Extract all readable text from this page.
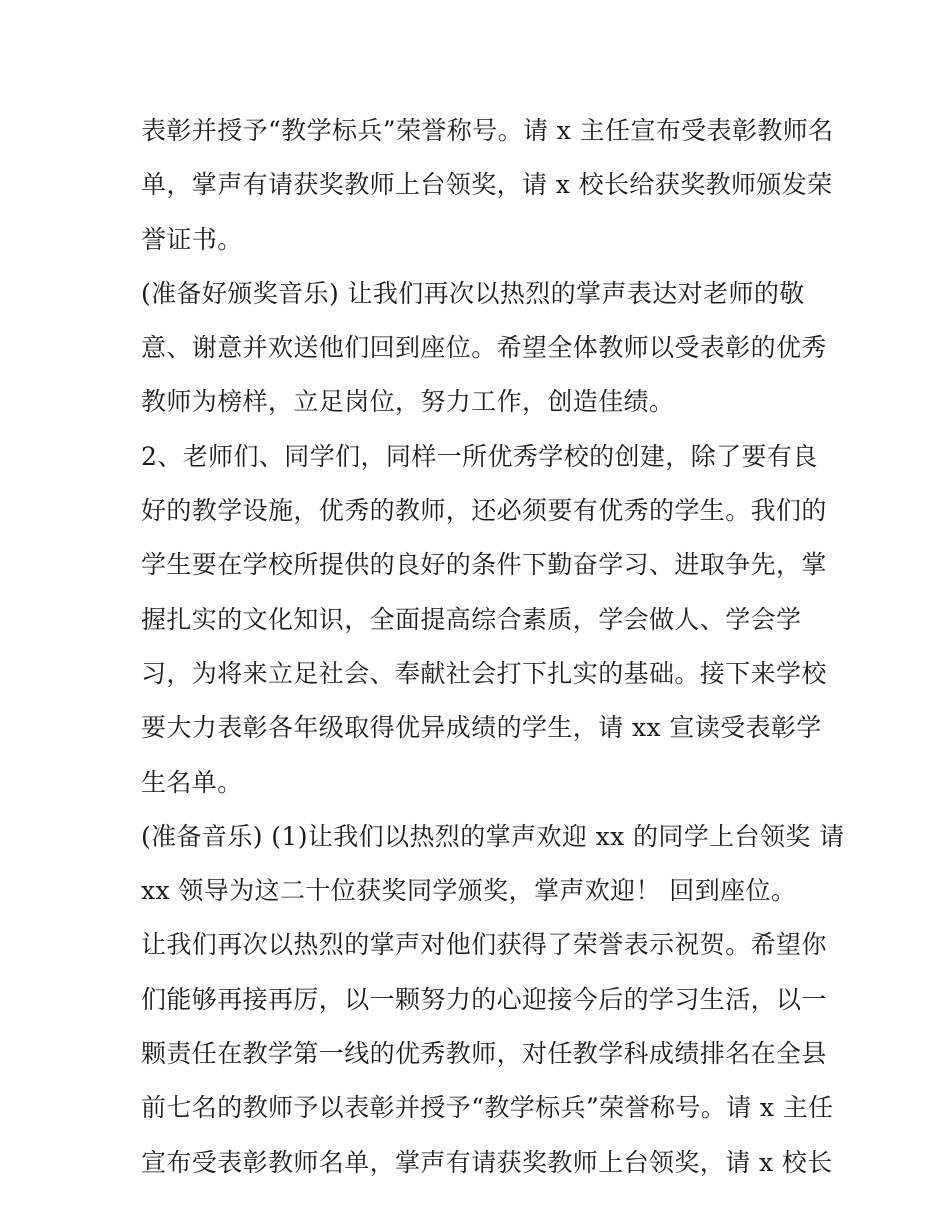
表彰并授予“教学标兵”荣誉称号。请 x 主任宣布受表彰教师名
单，掌声有请获奖教师上台领奖，请 x 校长给获奖教师颁发荣
誉证书。
(准备好颁奖音乐) 让我们再次以热烈的掌声表达对老师的敬
意、谢意并欢送他们回到座位。希望全体教师以受表彰的优秀
教师为榜样，立足岗位，努力工作，创造佳绩。
2、老师们、同学们，同样一所优秀学校的创建，除了要有良
好的教学设施，优秀的教师，还必须要有优秀的学生。我们的
学生要在学校所提供的良好的条件下勤奋学习、进取争先，掌
握扎实的文化知识，全面提高综合素质，学会做人、学会学
习，为将来立足社会、奉献社会打下扎实的基础。接下来学校
要大力表彰各年级取得优异成绩的学生，请 xx 宣读受表彰学
生名单。
(准备音乐) (1)让我们以热烈的掌声欢迎 xx 的同学上台领奖 请
xx 领导为这二十位获奖同学颁奖，掌声欢迎！ 回到座位。
让我们再次以热烈的掌声对他们获得了荣誉表示祝贺。希望你
们能够再接再厉，以一颗努力的心迎接今后的学习生活，以一
颗责任在教学第一线的优秀教师，对任教学科成绩排名在全县
前七名的教师予以表彰并授予“教学标兵”荣誉称号。请 x 主任
宣布受表彰教师名单，掌声有请获奖教师上台领奖，请 x 校长
